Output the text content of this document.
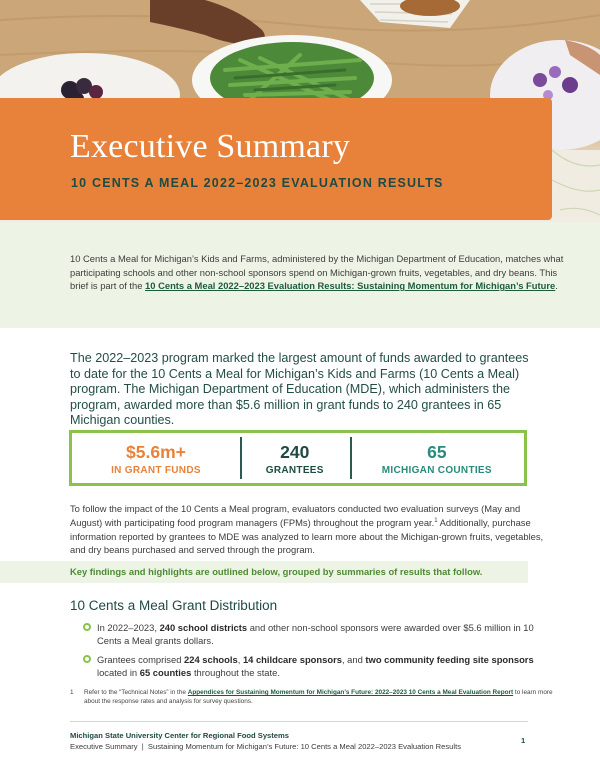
Executive Summary
10 CENTS A MEAL 2022–2023 EVALUATION RESULTS

10 Cents a Meal for Michigan’s Kids and Farms, administered by the Michigan Department of Education, matches what participating schools and other non-school sponsors spend on Michigan-grown fruits, vegetables, and dry beans. This brief is part of the 10 Cents a Meal 2022–2023 Evaluation Results: Sustaining Momentum for Michigan’s Future.

The 2022–2023 program marked the largest amount of funds awarded to grantees to date for the 10 Cents a Meal for Michigan’s Kids and Farms (10 Cents a Meal) program. The Michigan Department of Education (MDE), which administers the program, awarded more than $5.6 million in grant funds to 240 grantees in 65 Michigan counties.

$5.6m+
IN GRANT FUNDS
240
GRANTEES
65
MICHIGAN COUNTIES

To follow the impact of the 10 Cents a Meal program, evaluators conducted two evaluation surveys (May and August) with participating food program managers (FPMs) throughout the program year.$^1$ Additionally, purchase information reported by grantees to MDE was analyzed to learn more about the Michigan-grown fruits, vegetables, and dry beans purchased and served through the program.

Key findings and highlights are outlined below, grouped by summaries of results that follow.
10 Cents a Meal Grant Distribution
In 2022–2023, 240 school districts and other non-school sponsors were awarded over $5.6 million in 10 Cents a Meal grants dollars.
Grantees comprised 224 schools, 14 childcare sponsors, and two community feeding site sponsors located in 65 counties throughout the state.
1	Refer to the “Technical Notes” in the Appendices for Sustaining Momentum for Michigan’s Future: 2022–2023 10 Cents a Meal Evaluation Report to learn more about the response rates and analysis for survey questions.
Michigan State University Center for Regional Food Systems
Executive Summary  |  Sustaining Momentum for Michigan’s Future: 10 Cents a Meal 2022–2023 Evaluation Results
1
